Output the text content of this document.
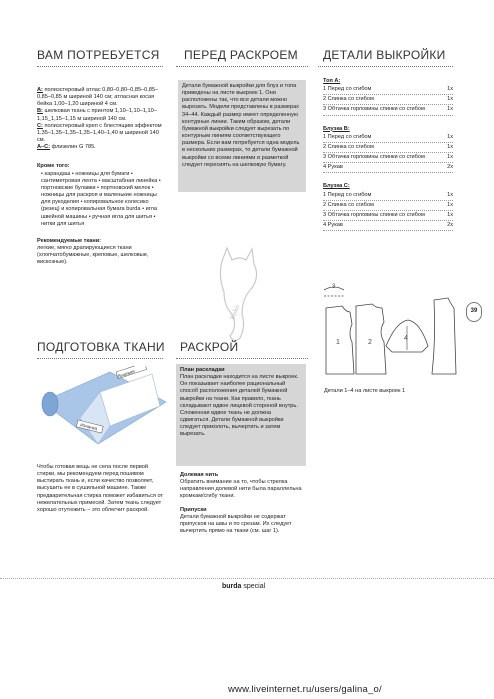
ВАМ ПОТРЕБУЕТСЯ

А: полиэстеровый атлас 0,80–0,80–0,85–0,85–0,85–0,85 м шириной 140 см; атласная косая бейка 1,00–1,20 шириной 4 см.

В: шелковая ткань с принтом 1,10–1,10–1,10–1,15_1,15–1,15 м шириной 140 см.

С: полиэстеровый креп с блестящим эффектом 1,35–1,35–1,35–1,35–1,40–1,40 м шириной 140 см.

А–С: флизелин G 785.

Кроме того:

• карандаш • ножницы для бумаги • сантиметровая лента • масштабная линейка • портновские булавки • портновский мелок • ножницы для раскроя и маленькие ножницы для рукоделия • копировальное колесико (резец) и копировальная бумага burda • игла швейной машины • ручная игла для шитья • нитки для шитья

Рекомендуемые ткани:

легкие, мягко драпирующиеся ткани (хлопчатобумажные, креповые, шелковые, вискозные).

ПЕРЕД РАСКРОЕМ

Детали бумажной выкройки для блуз и топа приведены на листе выкроек 1. Они расположены так, что все детали можно вырезать. Модели представлены в размерах 34–44. Каждый размер имеет определенную контурные линии. Таким образом, детали бумажной выкройки следует вырезать по контурным линиям соответствующего размера. Если вам потребуется одна модель в нескольких размерах, то детали бумажной выкройки со всеми линиями и разметкой следует пересиять на шелковую бумагу.

Koko
ДЕТАЛИ ВЫКРОЙКИ
Топ А:
1 Перед со сгибом	1x
2 Спинка со сгибом	1x
3 Обтачка горловины спинки со сгибом	1x
Блузка В:
1 Перед со сгибом	1x
2 Спинка со сгибом	1x
3 Обтачка горловины спинки со сгибом	1x
4 Рукав	2x
Блузка С:
1 Перед со сгибом	1x
2 Спинка со сгибом	1x
3 Обтачка горловины спинки со сгибом	1x
4 Рукав	2x
1	2
3
4
Детали 1–4 на листе выкроек 1
39
ПОДГОТОВКА ТКАНИ
Лицевая
Изнанка
Чтобы готовая вещь не села после первой стирки, мы рекомендуем перед пошивом выстирать ткань и, если качество позволяет, высушить ее в сушильной машине. Также предварительная стирка поможет избавиться от нежелательных примесей. Затем ткань следует хорошо отутюжить – это облегчит раскрой.
РАСКРОЙ

План раскладки

План раскладки находится на листе выкроек. Он показывает наиболее рациональный способ расположения деталей бумажной выкройки на ткани. Как правило, ткань складывают вдвое лицевой стороной внутрь. Сложенная вдвое ткань не должна сдвигаться. Детали бумажной выкройки следует приколоть, вычертить и затем вырезать.

Долевая нить

Обратить внимание на то, чтобы стрелка направления долевой нити была параллельна кромкам/сгибу ткани.

Припуски

Детали бумажной выкройки не содержат припусков на швы и по срезам. Их следует вычертить прямо на ткани (см. шаг 1).

burda special
www.liveinternet.ru/users/galina_o/
